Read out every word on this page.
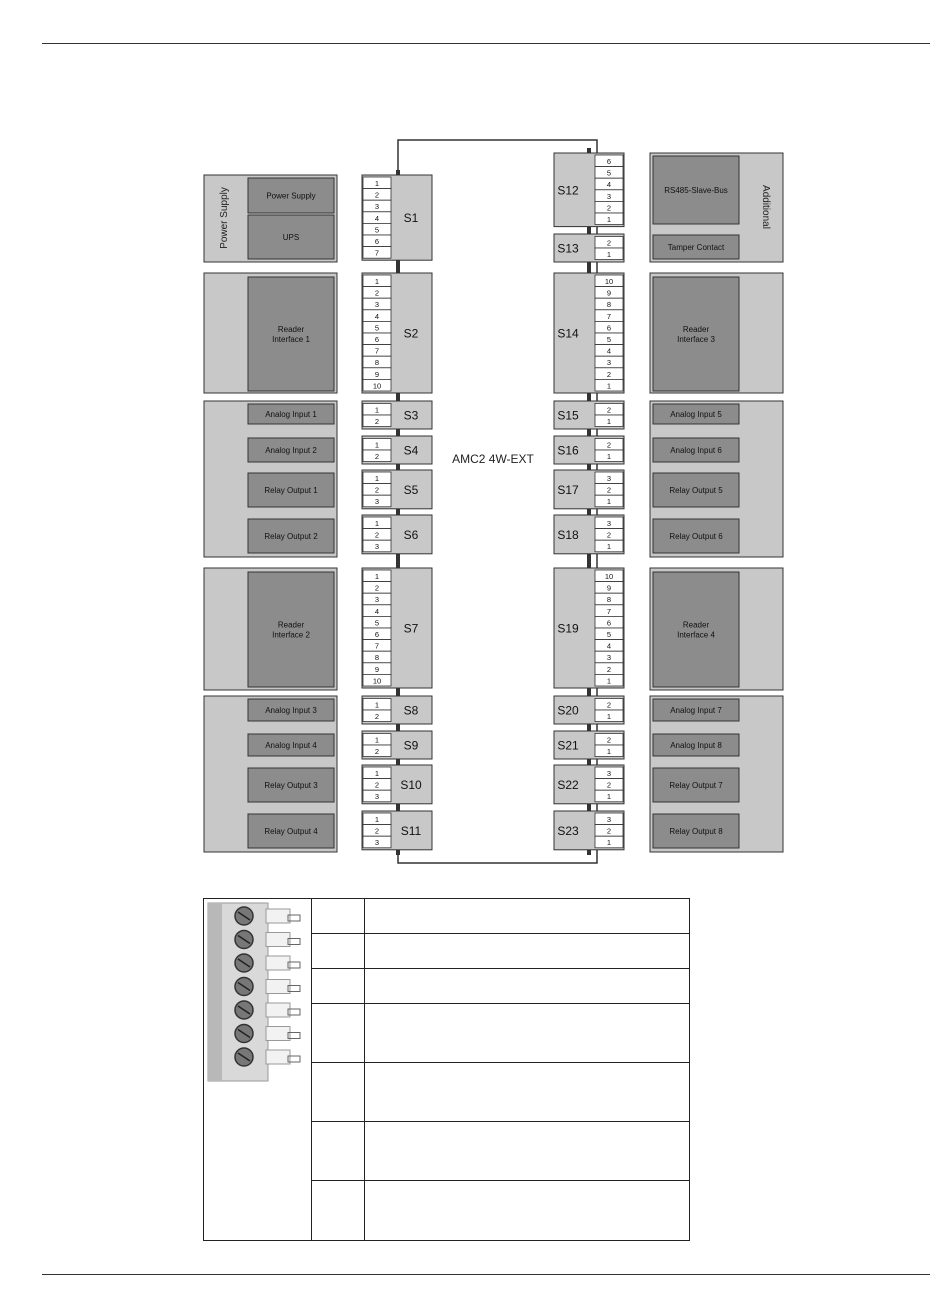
Power Supply
UPS
Reader
Interface 1
Analog Input 1
Analog Input 2
Relay Output 1
Relay Output 2
Reader
Interface 2
Analog Input 3
Analog Input 4
Relay Output 3
Relay Output 4
RS485-Slave-Bus
Tamper Contact
Reader
Interface 3
Analog Input 5
Analog Input 6
Relay Output 5
Relay Output 6
Reader
Interface 4
Analog Input 7
Analog Input 8
Relay Output 7
Relay Output 8
1
2
3
4
5
6
7
S1
1
2
3
4
5
6
7
8
9
10
S2
1
2 S3
1
2 S4
1
2
3
S5
1
2
3
S6
1
2
3
4
5
6
7
8
9
10
S7
1
2 S8
1
2 S9
1
2
3
S10
1
2
3
S11
6
5
4
3
2
1
S12
2
1
S13
10
9
8
7
6
5
4
3
2
1
S14
2
1
S15
2
1
S16
3
2
1
S17
3
2
1
S18
10
9
8
7
6
5
4
3
2
1
S19
2
1
S20
2
1
S21
3
2
1
S22
3
2
1
S23
AMC2 4W-EXT
Power Supply	Additional
